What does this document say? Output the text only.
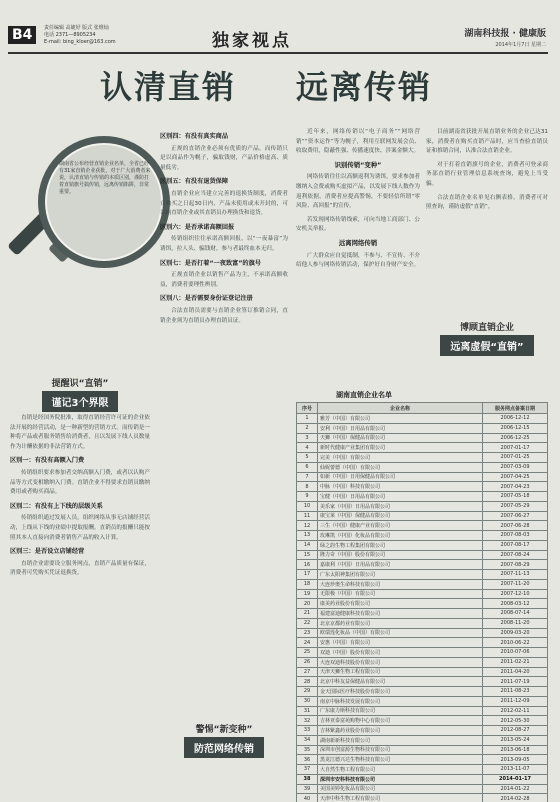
B4	责任编辑 高婕妤 版式 张维灿
电话 2371—8905234
E-mail: bing_kloer@163.com	独家视点	湖南科技报 · 健康版
2014年1月7日 星期二
认清直销 远离传销
湖南省公布经营直销企业名单，全省已经有31家直销企业获批，对于广大消费者来说，认清直销与传销的本质区别，谨防打着直销旗号搞传销，远离传销陷阱，非常重要。
提醒识“直销”
谨记3个界限

直销是经国务院批准，取得直销经营许可证的企业依法开展的经营活动，是一种新型的营销方式。而传销是一种将产品或者服务销售给消费者，且以发展下线人员数量作为计酬依据的非法营销方式。

区别一：有没有高额入门费

传销组织要求参加者交纳高额入门费，或者以认购产品等方式变相缴纳入门费。直销企业不得要求直销员缴纳费用或者购买商品。

区别二：有没有上下线的层级关系

传销组织通过发展人员，组织网络从事无店铺经营活动，上线从下线的业绩中提取报酬。直销员的报酬只能按照其本人直接向消费者销售产品的收入计算。

区别三：是否设立店铺经营

直销企业需要设立服务网点，直销产品质量有保证，消费者可凭购买凭证退换货。

区别四：有没有真实商品

正规的直销企业必须有优质的产品，而传销只是以商品作为幌子，骗取钱财，产品价格虚高、质量低劣。

区别五：有没有退货保障

直销企业应当建立完善的退换货制度，消费者自购买之日起30日内，产品未使用或未开封的，可以向直销企业或其直销员办理换货和退货。

区别六：是否承诺高额回报

传销组织往往承诺高额回报，以“一夜暴富”为诱饵，拉人头、骗钱财，参与者最终血本无归。

区别七：是否打着“一夜致富”的旗号

正规直销企业以销售产品为主，不承诺高额收益，消费者要理性辨别。

区别八：是否需要身份证登记注册

合法直销员需要与直销企业签订推销合同，直销企业须为直销员办理直销员证。

警惕“新变种”
防范网络传销

近年来，网络传销以“电子商务”“网络营销”“资本运作”等为幌子，利用互联网发展会员、收取费用，隐蔽性强、传播速度快、涉案金额大。

识别传销“变种”

网络传销往往以高额返利为诱饵，要求参加者缴纳入会费或购买虚拟产品，以发展下线人数作为返利依据。消费者应提高警惕，不要轻信所谓“零风险、高回报”的宣传。

若发现网络传销线索，可向当地工商部门、公安机关举报。

远离网络传销

广大群众应自觉抵制，不参与、不宣传、不介绍他人参与网络传销活动，保护好自身财产安全。

目前湖南省获批开展直销业务的企业已达31家，消费者在购买直销产品时，应当查验直销员证和推销合同，认准合法直销企业。

对于打着直销旗号的企业，消费者可登录商务部直销行业管理信息系统查询，避免上当受骗。

合法直销企业名单见右侧表格，消费者可对照查询，谨防虚假“直销”。

博顾直销企业
远离虚假“直销”
湖南直销企业名单
序号	企业名称	服务网点备案日期
1	雅芳（中国）有限公司	2006-12-12
2	安利（中国）日用品有限公司	2006-12-15
3	天狮（中国）保健品有限公司	2006-12-25
4	新时代健康产业集团有限公司	2007-01-17
5	完美（中国）有限公司	2007-01-25
6	仙妮蕾德（中国）有限公司	2007-03-09
7	如新（中国）日用保健品有限公司	2007-04-25
8	中脉（中国）科技有限公司	2007-04-23
9	宝健（中国）日用品有限公司	2007-05-18
10	美乐家（中国）日用品有限公司	2007-05-29
11	康宝莱（中国）保健品有限公司	2007-06-27
12	三生（中国）健康产业有限公司	2007-06-28
13	玫琳凯（中国）化妆品有限公司	2007-08-03
14	绿之韵生物工程集团有限公司	2007-08-17
15	隆力奇（中国）股份有限公司	2007-08-24
16	嘉康利（中国）日用品有限公司	2007-08-29
17	广东太阳神集团有限公司	2007-11-13
18	大连珍奥生命科技有限公司	2007-11-20
19	无限极（中国）有限公司	2007-12-10
20	康美药业股份有限公司	2008-03-12
21	福建富迪健康科技有限公司	2008-07-14
22	北京京都药业有限公司	2008-11-20
23	欧瑞莲化妆品（中国）有限公司	2009-03-20
24	安惠（中国）有限公司	2010-06-22
25	双迪（中国）股份有限公司	2010-07-06
26	大连双迪科技股份有限公司	2011-02-21
27	天津天狮生物工程有限公司	2011-04-20
28	北京中科友益保健品有限公司	2011-07-19
29	金天国际医疗科技股份有限公司	2011-08-23
30	南京中脉科技发展有限公司	2011-12-09
31	广东康力斯科技有限公司	2012-02-11
32	吉林亚泰富苑购物中心有限公司	2012-05-30
33	吉林紫鑫药业股份有限公司	2012-08-27
34	湖南新新科技有限公司	2013-05-24
35	深圳市创富源生物科技有限公司	2013-06-18
36	黑龙江德兴达生物科技有限公司	2013-09-05
37	大自然生物工程有限公司	2013-11-07
38	深圳市安科科技有限公司	2014-01-17
39	美国美婷化妆品有限公司	2014-01-22
40	天津中科生物工程有限公司	2014-02-28
